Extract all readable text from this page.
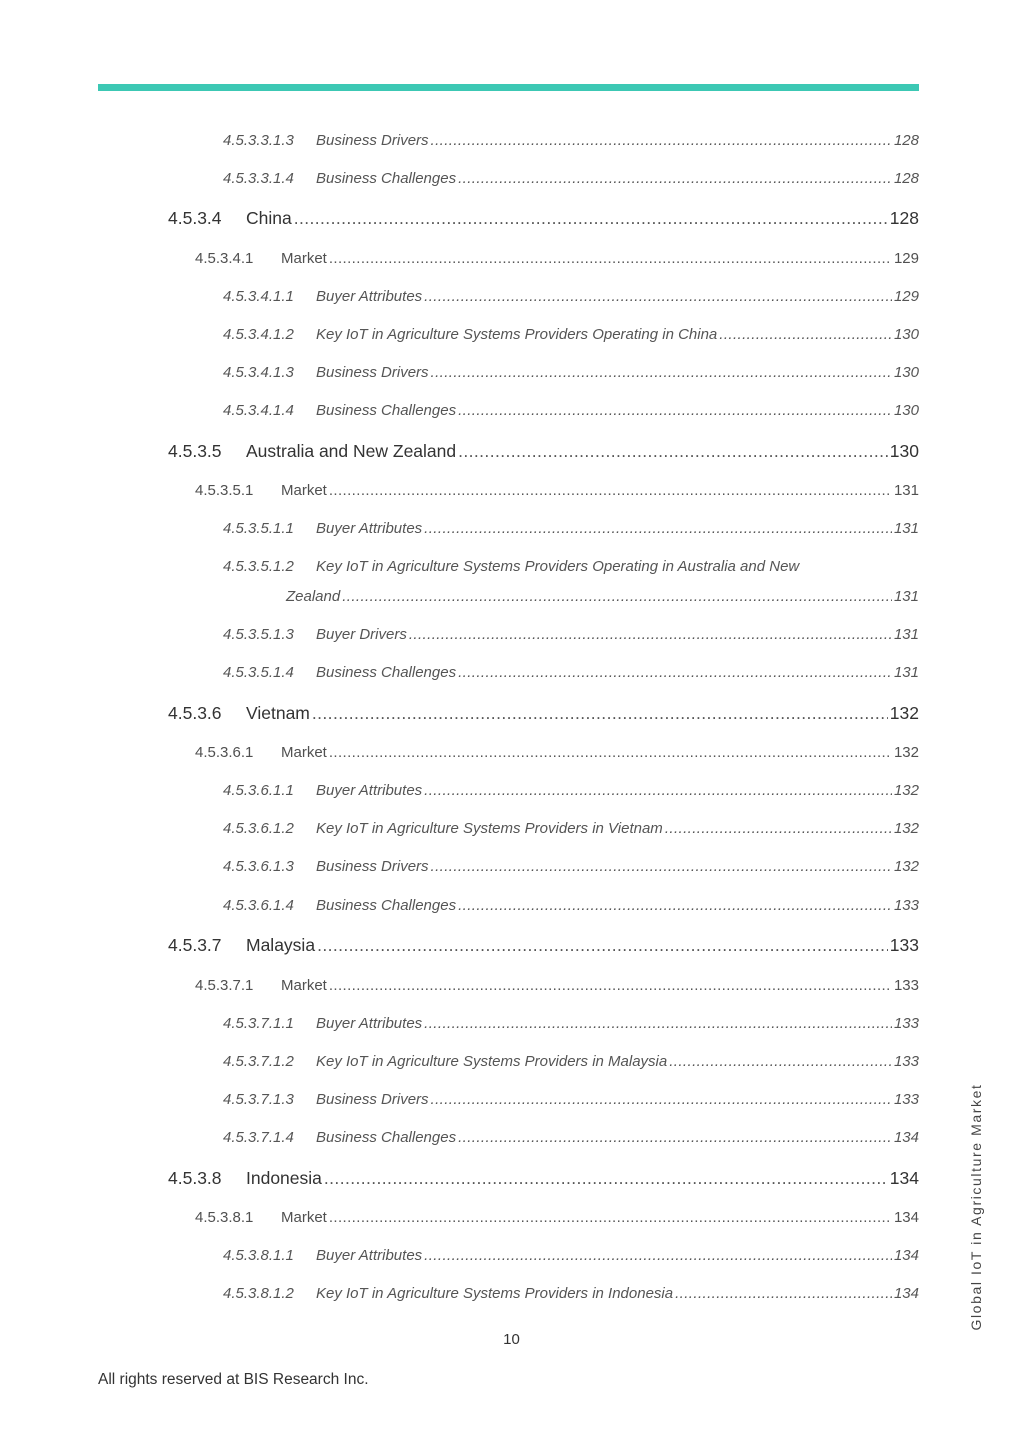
4.5.3.3.1.3	Business Drivers .....	128
4.5.3.3.1.4	Business Challenges .....	128
4.5.3.4	China .....	128
4.5.3.4.1	Market .....	129
4.5.3.4.1.1	Buyer Attributes .....	129
4.5.3.4.1.2	Key IoT in Agriculture Systems Providers Operating in China .....	130
4.5.3.4.1.3	Business Drivers .....	130
4.5.3.4.1.4	Business Challenges .....	130
4.5.3.5	Australia and New Zealand .....	130
4.5.3.5.1	Market .....	131
4.5.3.5.1.1	Buyer Attributes .....	131
4.5.3.5.1.2 Key IoT in Agriculture Systems Providers Operating in Australia and New
Zealand .....	131
4.5.3.5.1.3	Buyer Drivers .....	131
4.5.3.5.1.4	Business Challenges .....	131
4.5.3.6	Vietnam .....	132
4.5.3.6.1	Market .....	132
4.5.3.6.1.1	Buyer Attributes .....	132
4.5.3.6.1.2	Key IoT in Agriculture Systems Providers in Vietnam .....	132
4.5.3.6.1.3	Business Drivers .....	132
4.5.3.6.1.4	Business Challenges .....	133
4.5.3.7	Malaysia .....	133
4.5.3.7.1	Market .....	133
4.5.3.7.1.1	Buyer Attributes .....	133
4.5.3.7.1.2	Key IoT in Agriculture Systems Providers in Malaysia .....	133
4.5.3.7.1.3	Business Drivers .....	133
4.5.3.7.1.4	Business Challenges .....	134
4.5.3.8	Indonesia .....	134
4.5.3.8.1	Market .....	134
4.5.3.8.1.1	Buyer Attributes .....	134
4.5.3.8.1.2	Key IoT in Agriculture Systems Providers in Indonesia .....	134
10
All rights reserved at BIS Research Inc.
Global IoT in Agriculture Market
